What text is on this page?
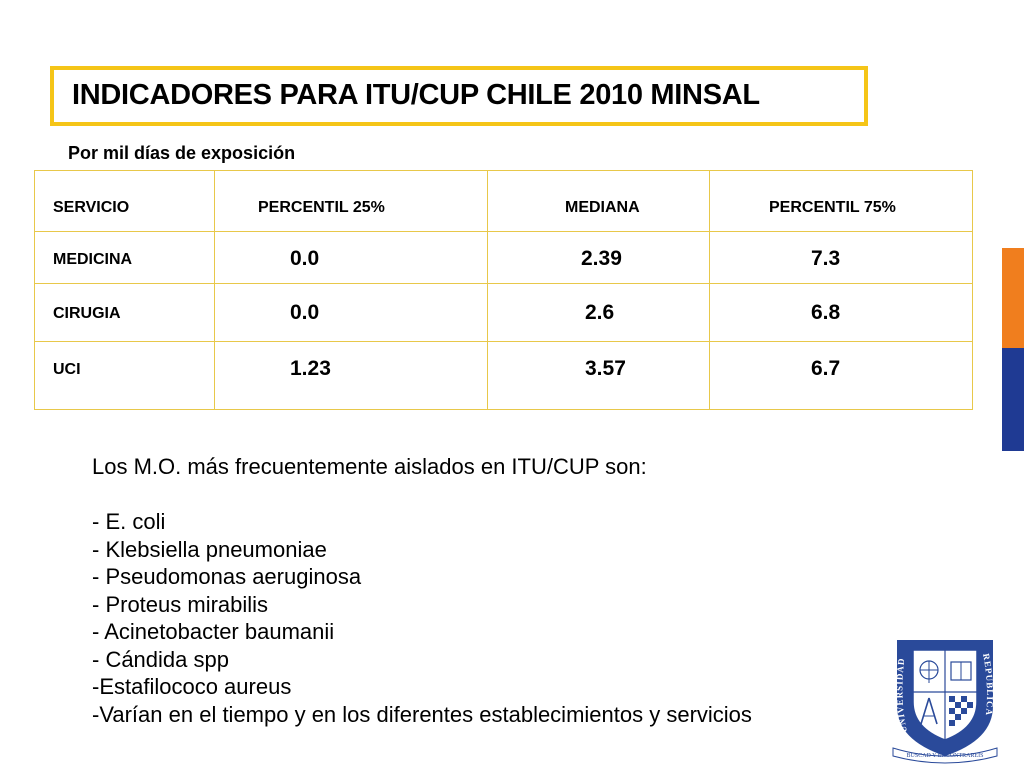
INDICADORES PARA ITU/CUP CHILE 2010 MINSAL
Por mil días de exposición
SERVICIO	PERCENTIL 25%	MEDIANA	PERCENTIL 75%
MEDICINA	0.0	2.39	7.3
CIRUGIA	0.0	2.6	6.8
UCI	1.23	3.57	6.7
Los M.O. más frecuentemente aislados en ITU/CUP son:
- E. coli
- Klebsiella pneumoniae
- Pseudomonas aeruginosa
- Proteus mirabilis
- Acinetobacter baumanii
- Cándida spp
-Estafilococo aureus
-Varían en el tiempo y en los diferentes establecimientos y servicios
UNIVERSIDAD	REPUBLICA
BUSCAD Y ENCONTRAREIS
